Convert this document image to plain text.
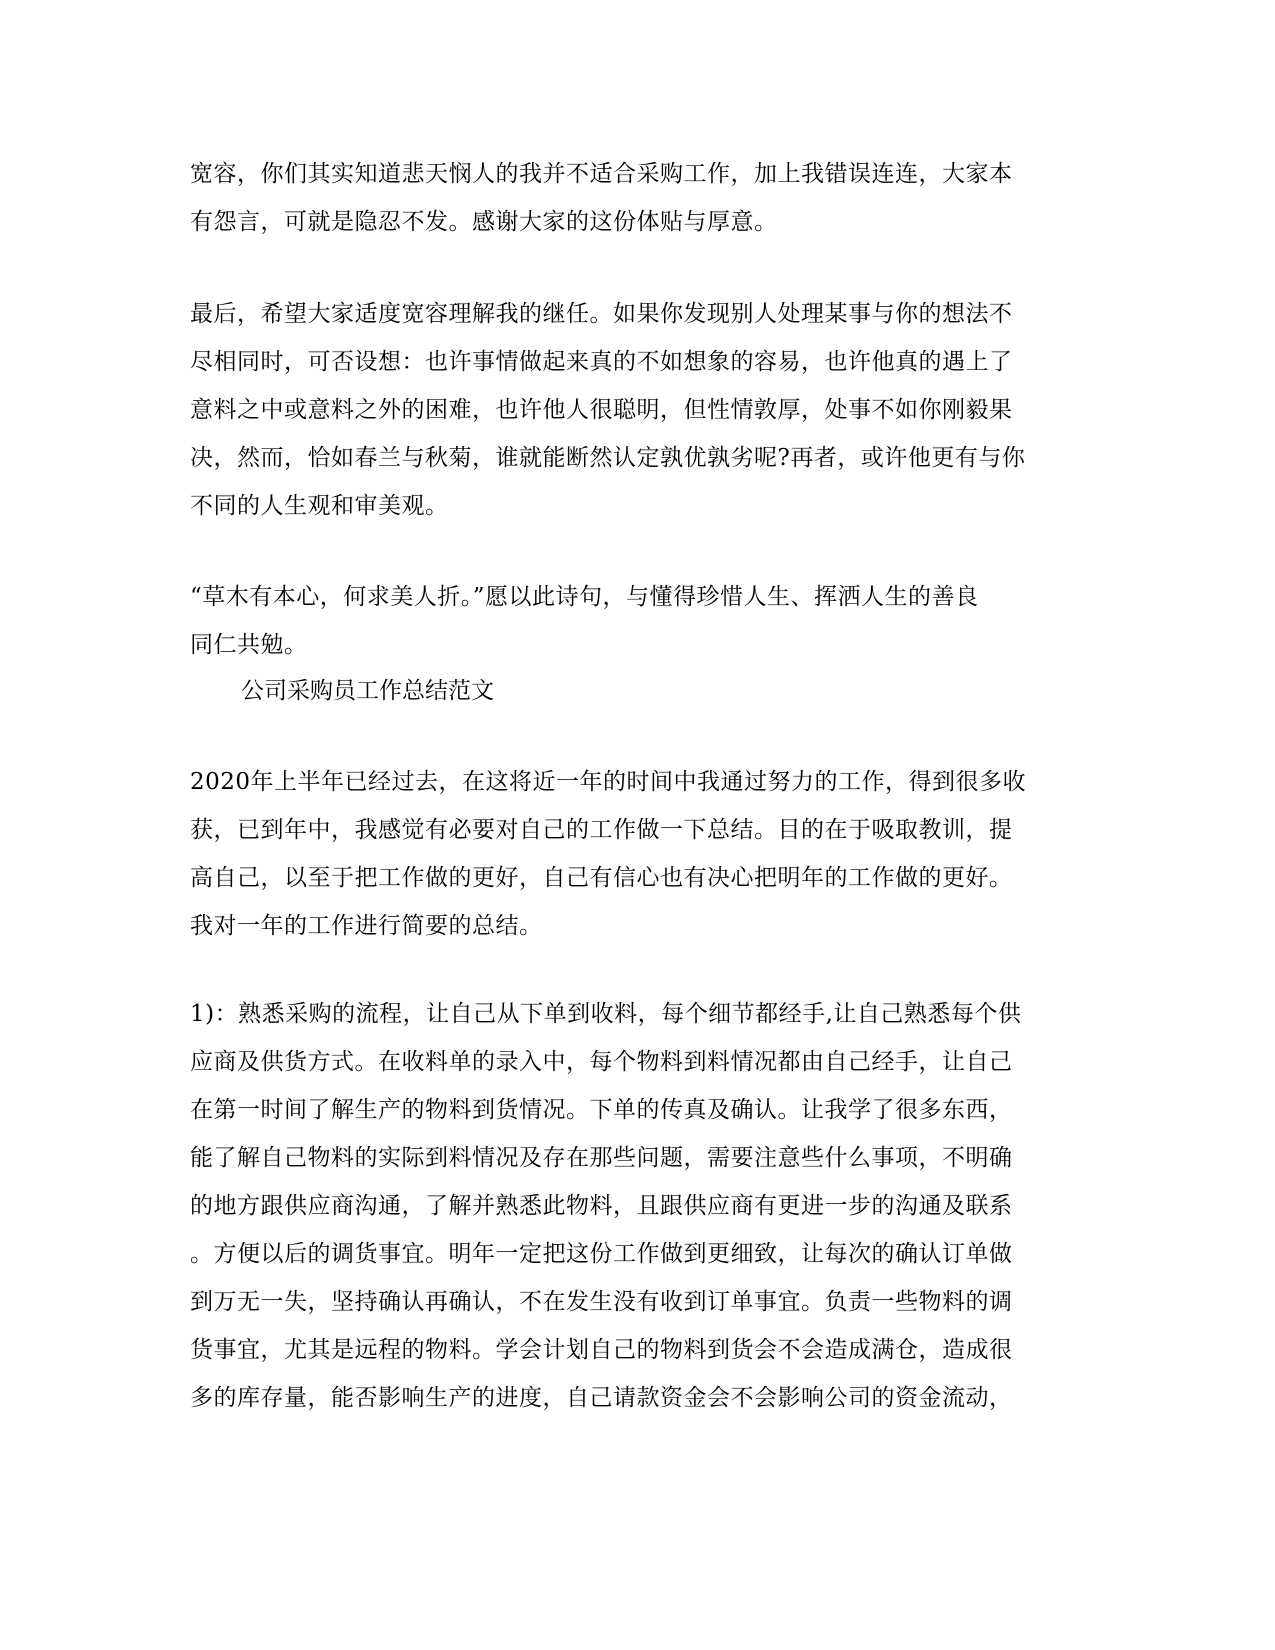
宽容，你们其实知道悲天悯人的我并不适合采购工作，加上我错误连连，大家本
有怨言，可就是隐忍不发。感谢大家的这份体贴与厚意。
最后，希望大家适度宽容理解我的继任。如果你发现别人处理某事与你的想法不
尽相同时，可否设想：也许事情做起来真的不如想象的容易，也许他真的遇上了
意料之中或意料之外的困难，也许他人很聪明，但性情敦厚，处事不如你刚毅果
决，然而，恰如春兰与秋菊，谁就能断然认定孰优孰劣呢?再者，或许他更有与你
不同的人生观和审美观。
“草木有本心，何求美人折。”愿以此诗句，与懂得珍惜人生、挥洒人生的善良
同仁共勉。
公司采购员工作总结范文
2020年上半年已经过去，在这将近一年的时间中我通过努力的工作，得到很多收
获，已到年中，我感觉有必要对自己的工作做一下总结。目的在于吸取教训，提
高自己，以至于把工作做的更好，自己有信心也有决心把明年的工作做的更好。
我对一年的工作进行简要的总结。
1)：熟悉采购的流程，让自己从下单到收料，每个细节都经手,让自己熟悉每个供
应商及供货方式。在收料单的录入中，每个物料到料情况都由自己经手，让自己
在第一时间了解生产的物料到货情况。下单的传真及确认。让我学了很多东西，
能了解自己物料的实际到料情况及存在那些问题，需要注意些什么事项，不明确
的地方跟供应商沟通，了解并熟悉此物料，且跟供应商有更进一步的沟通及联系
。方便以后的调货事宜。明年一定把这份工作做到更细致，让每次的确认订单做
到万无一失，坚持确认再确认，不在发生没有收到订单事宜。负责一些物料的调
货事宜，尤其是远程的物料。学会计划自己的物料到货会不会造成满仓，造成很
多的库存量，能否影响生产的进度，自己请款资金会不会影响公司的资金流动，
